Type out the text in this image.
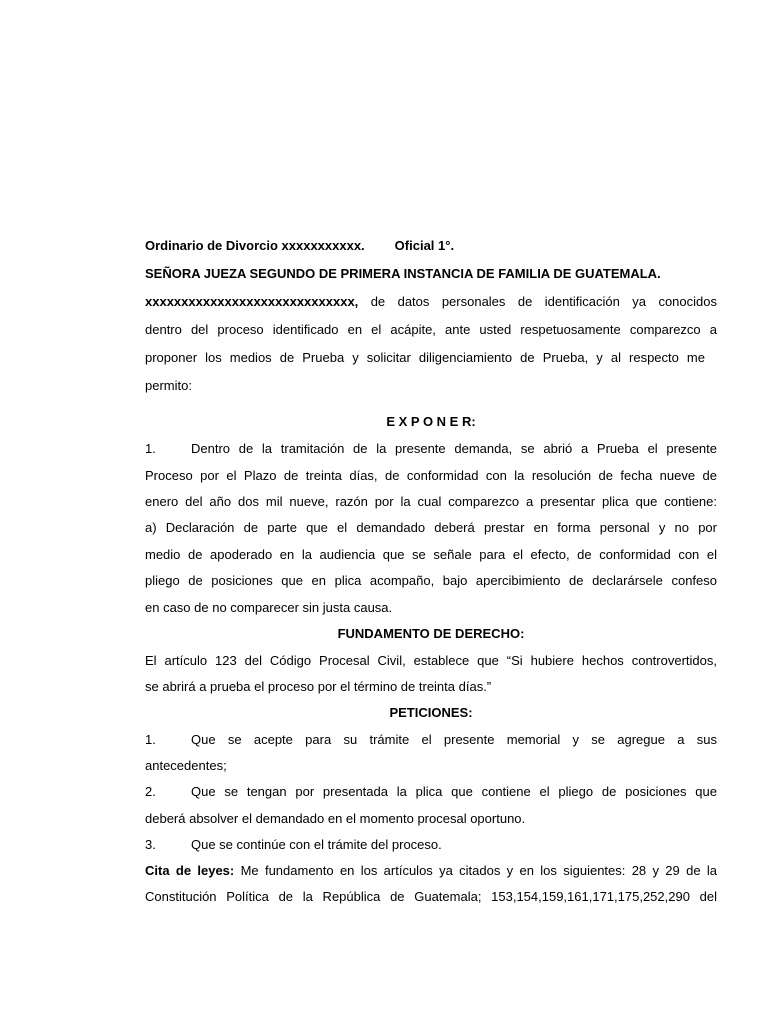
Ordinario de Divorcio xxxxxxxxxxx. Oficial 1°.
SEÑORA JUEZA SEGUNDO DE PRIMERA INSTANCIA DE FAMILIA DE GUATEMALA.
xxxxxxxxxxxxxxxxxxxxxxxxxxxxx, de datos personales de identificación ya conocidos
dentro del proceso identificado en el acápite, ante usted respetuosamente comparezco a
proponer los medios de Prueba y solicitar diligenciamiento de Prueba, y al respecto me
permito:
E X P O N E R:
1.	Dentro de la tramitación de la presente demanda, se abrió a Prueba el presente
Proceso por el Plazo de treinta días, de conformidad con la resolución de fecha nueve de
enero del año dos mil nueve, razón por la cual comparezco a presentar plica que contiene:
a) Declaración de parte que el demandado deberá prestar en forma personal y no por
medio de apoderado en la audiencia que se señale para el efecto, de conformidad con el
pliego de posiciones que en plica acompaño, bajo apercibimiento de declarársele confeso
en caso de no comparecer sin justa causa.
FUNDAMENTO DE DERECHO:
El artículo 123 del Código Procesal Civil, establece que “Si hubiere hechos controvertidos,
se abrirá a prueba el proceso por el término de treinta días.”
PETICIONES:
1.	Que se acepte para su trámite el presente memorial y se agregue a sus
antecedentes;
2.	Que se tengan por presentada la plica que contiene el pliego de posiciones que
deberá absolver el demandado en el momento procesal oportuno.
3.	Que se continúe con el trámite del proceso.
Cita de leyes: Me fundamento en los artículos ya citados y en los siguientes: 28 y 29 de la
Constitución Política de la República de Guatemala; 153,154,159,161,171,175,252,290 del
